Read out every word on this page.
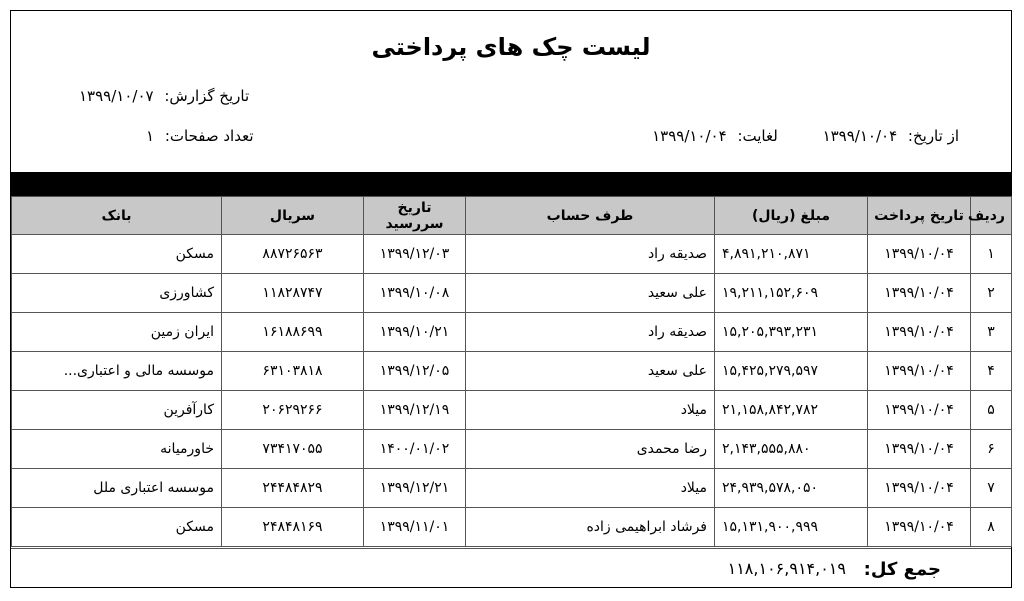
لیست چک های پرداختی
تاریخ گزارش: ۱۳۹۹/۱۰/۰۷
تعداد صفحات: ۱	از تاریخ: ۱۳۹۹/۱۰/۰۴ لغایت: ۱۳۹۹/۱۰/۰۴
ردیف	تاریخ پرداخت	مبلغ (ریال)	طرف حساب	تاریخ سررسید	سریال	بانک
۱	۱۳۹۹/۱۰/۰۴	۴,۸۹۱,۲۱۰,۸۷۱	صدیقه راد	۱۳۹۹/۱۲/۰۳	۸۸۷۲۶۵۶۳	مسکن
۲	۱۳۹۹/۱۰/۰۴	۱۹,۲۱۱,۱۵۲,۶۰۹	علی سعید	۱۳۹۹/۱۰/۰۸	۱۱۸۲۸۷۴۷	کشاورزی
۳	۱۳۹۹/۱۰/۰۴	۱۵,۲۰۵,۳۹۳,۲۳۱	صدیقه راد	۱۳۹۹/۱۰/۲۱	۱۶۱۸۸۶۹۹	ایران زمین
۴	۱۳۹۹/۱۰/۰۴	۱۵,۴۲۵,۲۷۹,۵۹۷	علی سعید	۱۳۹۹/۱۲/۰۵	۶۳۱۰۳۸۱۸	موسسه مالی و اعتباری...
۵	۱۳۹۹/۱۰/۰۴	۲۱,۱۵۸,۸۴۲,۷۸۲	میلاد	۱۳۹۹/۱۲/۱۹	۲۰۶۲۹۲۶۶	کارآفرین
۶	۱۳۹۹/۱۰/۰۴	۲,۱۴۳,۵۵۵,۸۸۰	رضا محمدی	۱۴۰۰/۰۱/۰۲	۷۳۴۱۷۰۵۵	خاورمیانه
۷	۱۳۹۹/۱۰/۰۴	۲۴,۹۳۹,۵۷۸,۰۵۰	میلاد	۱۳۹۹/۱۲/۲۱	۲۴۴۸۴۸۲۹	موسسه اعتباری ملل
۸	۱۳۹۹/۱۰/۰۴	۱۵,۱۳۱,۹۰۰,۹۹۹	فرشاد ابراهیمی زاده	۱۳۹۹/۱۱/۰۱	۲۴۸۴۸۱۶۹	مسکن
جمع کل:
۱۱۸,۱۰۶,۹۱۴,۰۱۹
